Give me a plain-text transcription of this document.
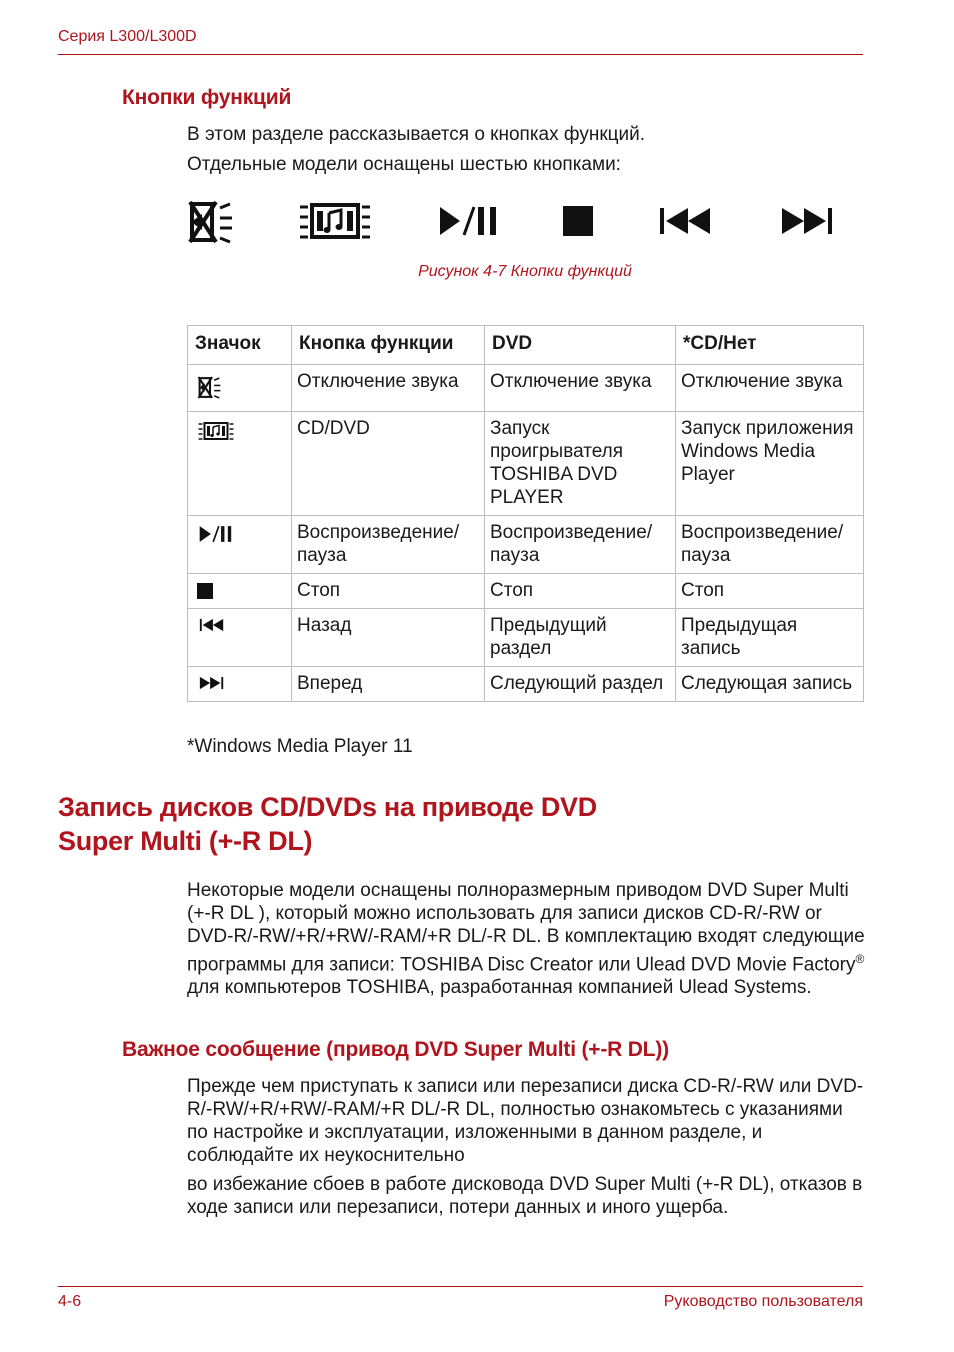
Серия L300/L300D
Кнопки функций
В этом разделе рассказывается о кнопках функций.
Отдельные модели оснащены шестью кнопками:
Рисунок 4-7 Кнопки функций
Значок	Кнопка функции	DVD	*CD/Нет

	Отключение звука	Отключение звука	Отключение звука

	CD/DVD	Запуск проигрывателя TOSHIBA DVD PLAYER	Запуск приложения Windows Media Player

	Воспроизведение/ пауза	Воспроизведение/ пауза	Воспроизведение/ пауза

	Стоп	Стоп	Стоп

	Назад	Предыдущий раздел	Предыдущая запись

	Вперед	Следующий раздел	Следующая запись
*Windows Media Player 11
Запись дисков CD/DVDs на приводе DVD
Super Multi (+-R DL)
Некоторые модели оснащены полноразмерным приводом DVD Super Multi (+-R DL ), который можно использовать для записи дисков CD-R/-RW or DVD-R/-RW/+R/+RW/-RAM/+R DL/-R DL. В комплектацию входят следующие программы для записи: TOSHIBA Disc Creator или Ulead DVD Movie Factory® для компьютеров TOSHIBA, разработанная компанией Ulead Systems.
Важное сообщение (привод DVD Super Multi (+-R DL))
Прежде чем приступать к записи или перезаписи диска CD-R/-RW или DVD-R/-RW/+R/+RW/-RAM/+R DL/-R DL, полностью ознакомьтесь с указаниями по настройке и эксплуатации, изложенными в данном разделе, и соблюдайте их неукоснительно
во избежание сбоев в работе дисковода DVD Super Multi (+-R DL), отказов в ходе записи или перезаписи, потери данных и иного ущерба.
4-6	Руководство пользователя
